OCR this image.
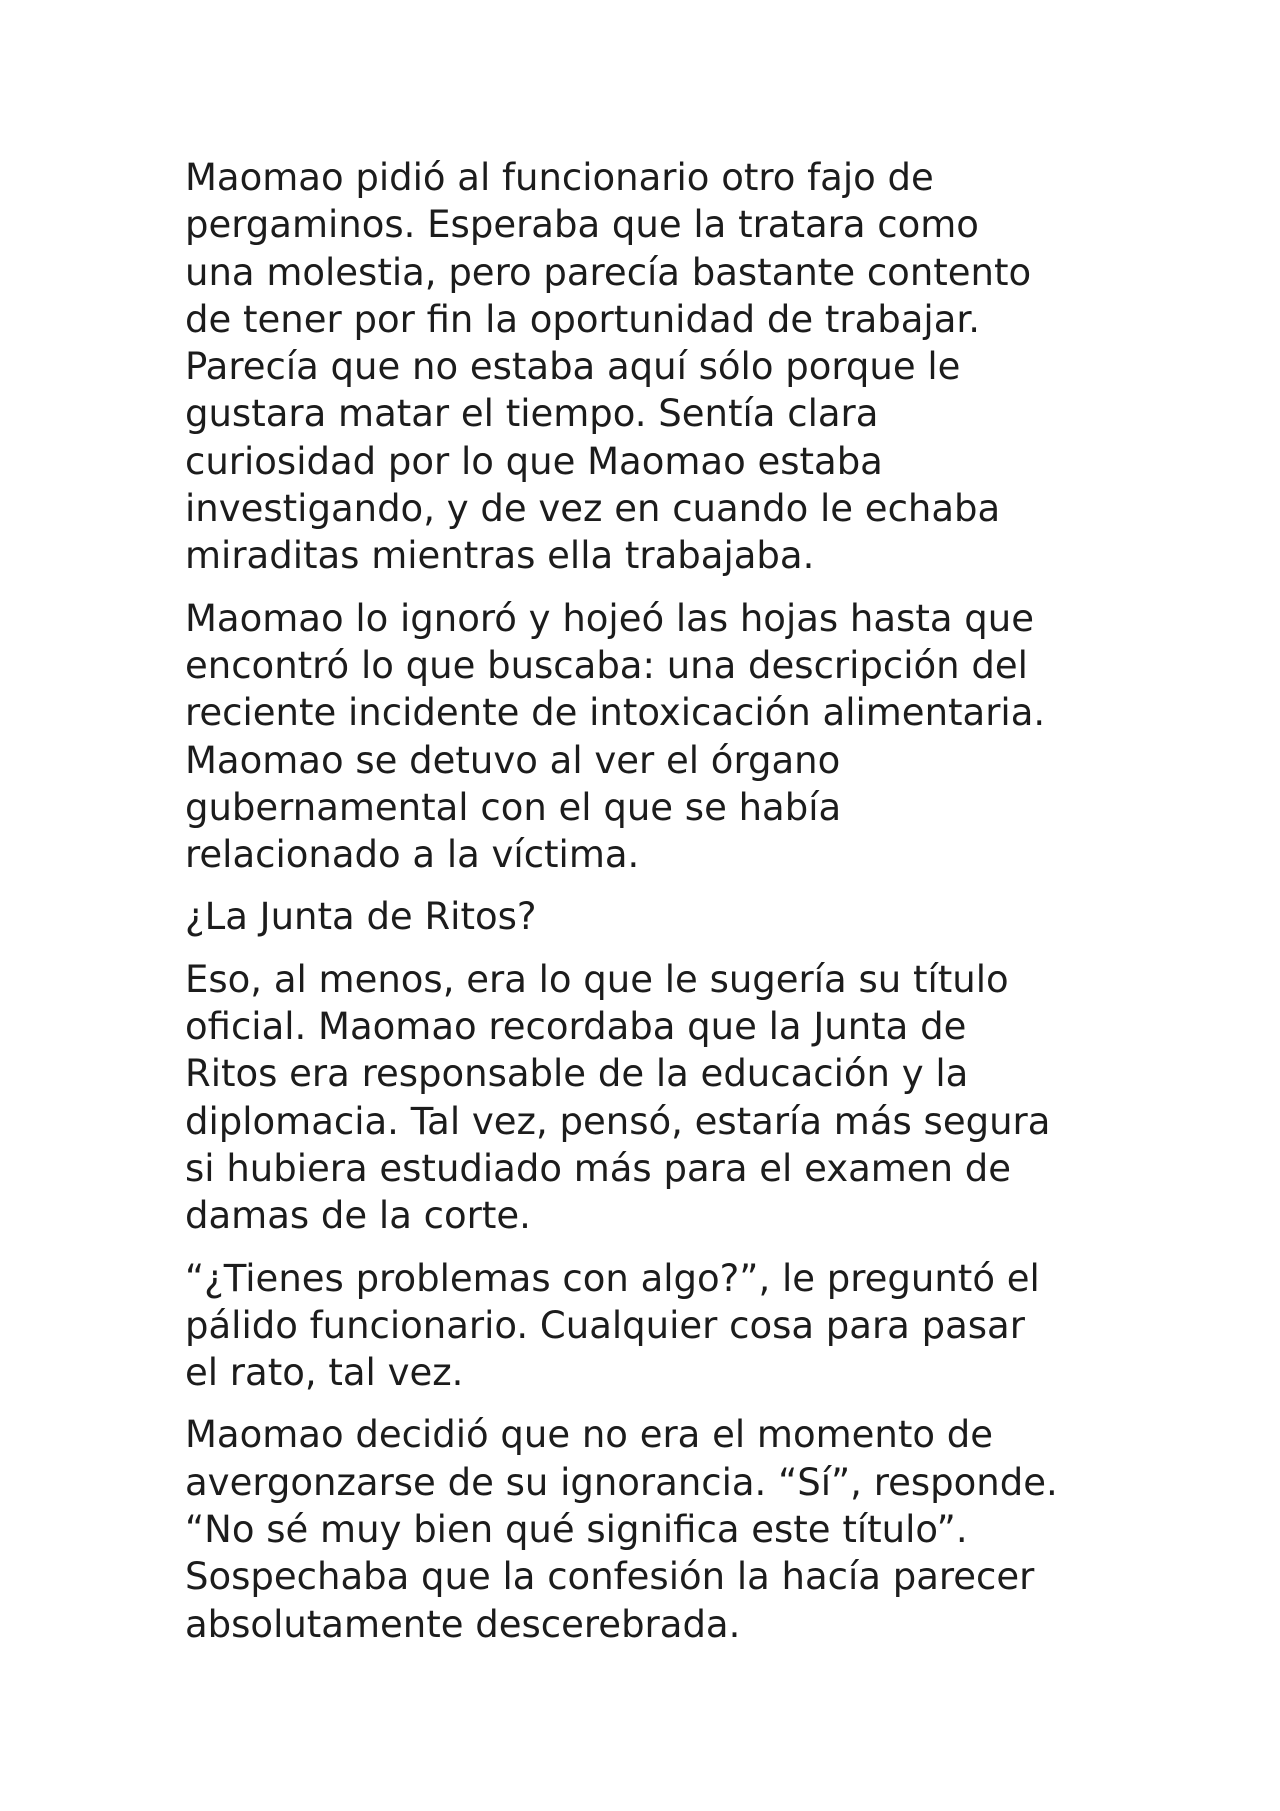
Maomao pidió al funcionario otro fajo de
pergaminos. Esperaba que la tratara como
una molestia, pero parecía bastante contento
de tener por fin la oportunidad de trabajar.
Parecía que no estaba aquí sólo porque le
gustara matar el tiempo. Sentía clara
curiosidad por lo que Maomao estaba
investigando, y de vez en cuando le echaba
miraditas mientras ella trabajaba.

Maomao lo ignoró y hojeó las hojas hasta que
encontró lo que buscaba: una descripción del
reciente incidente de intoxicación alimentaria.
Maomao se detuvo al ver el órgano
gubernamental con el que se había
relacionado a la víctima.

¿La Junta de Ritos?

Eso, al menos, era lo que le sugería su título
oficial. Maomao recordaba que la Junta de
Ritos era responsable de la educación y la
diplomacia. Tal vez, pensó, estaría más segura
si hubiera estudiado más para el examen de
damas de la corte.

“¿Tienes problemas con algo?”, le preguntó el
pálido funcionario. Cualquier cosa para pasar
el rato, tal vez.

Maomao decidió que no era el momento de
avergonzarse de su ignorancia. “Sí”, responde.
“No sé muy bien qué significa este título”.
Sospechaba que la confesión la hacía parecer
absolutamente descerebrada.
